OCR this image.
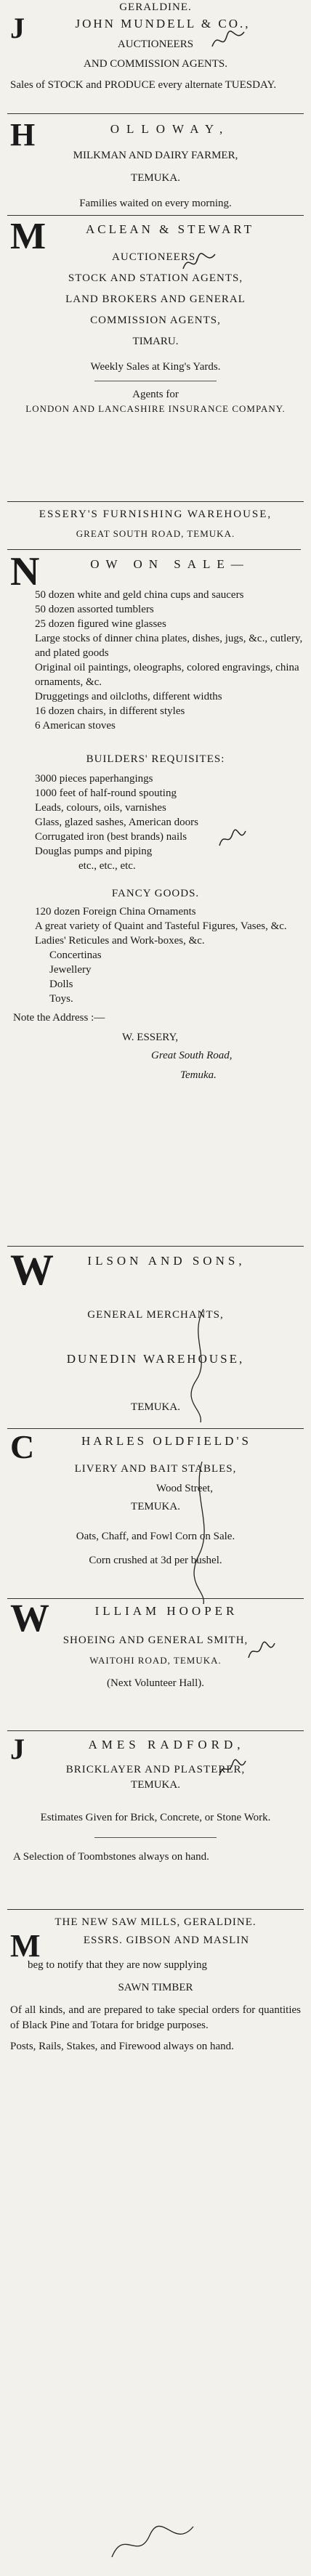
GERALDINE.

J	JOHN MUNDELL & CO.,

AUCTIONEERS

AND COMMISSION AGENTS.

Sales of STOCK and PRODUCE every alternate TUESDAY.

H	OLLOWAY,

MILKMAN AND DAIRY FARMER,

TEMUKA.

Families waited on every morning.

M	ACLEAN & STEWART

AUCTIONEERS,

STOCK AND STATION AGENTS,

LAND BROKERS AND GENERAL

COMMISSION AGENTS,

TIMARU.

Weekly Sales at King's Yards.

Agents for

LONDON AND LANCASHIRE INSURANCE COMPANY.

ESSERY'S FURNISHING WAREHOUSE,

GREAT SOUTH ROAD, TEMUKA.

N	OW ON SALE—

50 dozen white and geld china cups and saucers

50 dozen assorted tumblers

25 dozen figured wine glasses

Large stocks of dinner china plates, dishes, jugs, &c., cutlery, and plated goods

Original oil paintings, oleographs, colored engravings, china ornaments, &c.

Druggetings and oilcloths, different widths

16 dozen chairs, in different styles

6 American stoves

BUILDERS' REQUISITES:

3000 pieces paperhangings

1000 feet of half-round spouting

Leads, colours, oils, varnishes

Glass, glazed sashes, American doors

Corrugated iron (best brands) nails

Douglas pumps and piping

etc., etc., etc.

FANCY GOODS.

120 dozen Foreign China Ornaments

A great variety of Quaint and Tasteful Figures, Vases, &c.

Ladies' Reticules and Work-boxes, &c.

Concertinas

Jewellery

Dolls

Toys.

Note the Address :—

W. ESSERY,

Great South Road,

Temuka.

W	ILSON AND SONS,

GENERAL MERCHANTS,

DUNEDIN WAREHOUSE,

TEMUKA.

C	HARLES OLDFIELD'S

LIVERY AND BAIT STABLES,

Wood Street,

TEMUKA.

Oats, Chaff, and Fowl Corn on Sale.

Corn crushed at 3d per bushel.

W	ILLIAM HOOPER

SHOEING AND GENERAL SMITH,

WAITOHI ROAD, TEMUKA.

(Next Volunteer Hall).

J	AMES RADFORD,

BRICKLAYER AND PLASTERER,

TEMUKA.

Estimates Given for Brick, Concrete, or Stone Work.

A Selection of Toombstones always on hand.

THE NEW SAW MILLS, GERALDINE.

M	ESSRS. GIBSON AND MASLIN

beg to notify that they are now supplying

SAWN TIMBER

Of all kinds, and are prepared to take special orders for quantities of Black Pine and Totara for bridge purposes.

Posts, Rails, Stakes, and Firewood always on hand.
